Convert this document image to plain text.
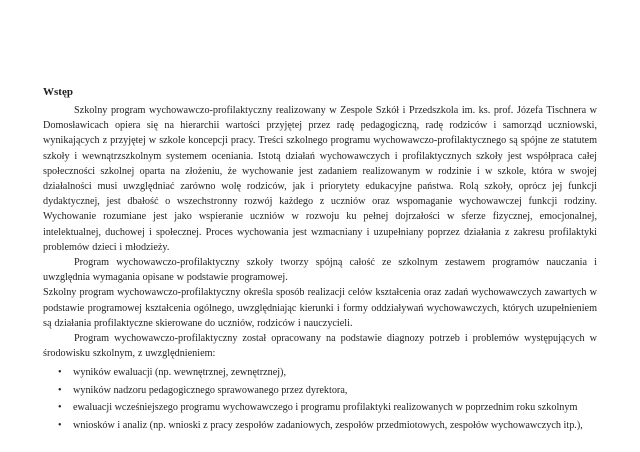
Wstęp

Szkolny program wychowawczo-profilaktyczny realizowany w Zespole Szkół i Przedszkola im. ks. prof. Józefa Tischnera w Domosławicach opiera się na hierarchii wartości przyjętej przez radę pedagogiczną, radę rodziców i samorząd uczniowski, wynikających z przyjętej w szkole koncepcji pracy. Treści szkolnego programu wychowawczo-profilaktycznego są spójne ze statutem szkoły i wewnątrzszkolnym systemem oceniania. Istotą działań wychowawczych i profilaktycznych szkoły jest współpraca całej społeczności szkolnej oparta na złożeniu, że wychowanie jest zadaniem realizowanym w rodzinie i w szkole, która w swojej działalności musi uwzględniać zarówno wolę rodziców, jak i priorytety edukacyjne państwa. Rolą szkoły, oprócz jej funkcji dydaktycznej, jest dbałość o wszechstronny rozwój każdego z uczniów oraz wspomaganie wychowawczej funkcji rodziny. Wychowanie rozumiane jest jako wspieranie uczniów w rozwoju ku pełnej dojrzałości w sferze fizycznej, emocjonalnej, intelektualnej, duchowej i społecznej. Proces wychowania jest wzmacniany i uzupełniany poprzez działania z zakresu profilaktyki problemów dzieci i młodzieży.

Program wychowawczo-profilaktyczny szkoły tworzy spójną całość ze szkolnym zestawem programów nauczania i uwzględnia wymagania opisane w podstawie programowej.

Szkolny program wychowawczo-profilaktyczny określa sposób realizacji celów kształcenia oraz zadań wychowawczych zawartych w podstawie programowej kształcenia ogólnego, uwzględniając kierunki i formy oddziaływań wychowawczych, których uzupełnieniem są działania profilaktyczne skierowane do uczniów, rodziców i nauczycieli.

Program wychowawczo-profilaktyczny został opracowany na podstawie diagnozy potrzeb i problemów występujących w środowisku szkolnym, z uwzględnieniem:

• wyników ewaluacji (np. wewnętrznej, zewnętrznej),
• wyników nadzoru pedagogicznego sprawowanego przez dyrektora,
• ewaluacji wcześniejszego programu wychowawczego i programu profilaktyki realizowanych w poprzednim roku szkolnym
• wniosków i analiz (np. wnioski z pracy zespołów zadaniowych, zespołów przedmiotowych, zespołów wychowawczych itp.),
